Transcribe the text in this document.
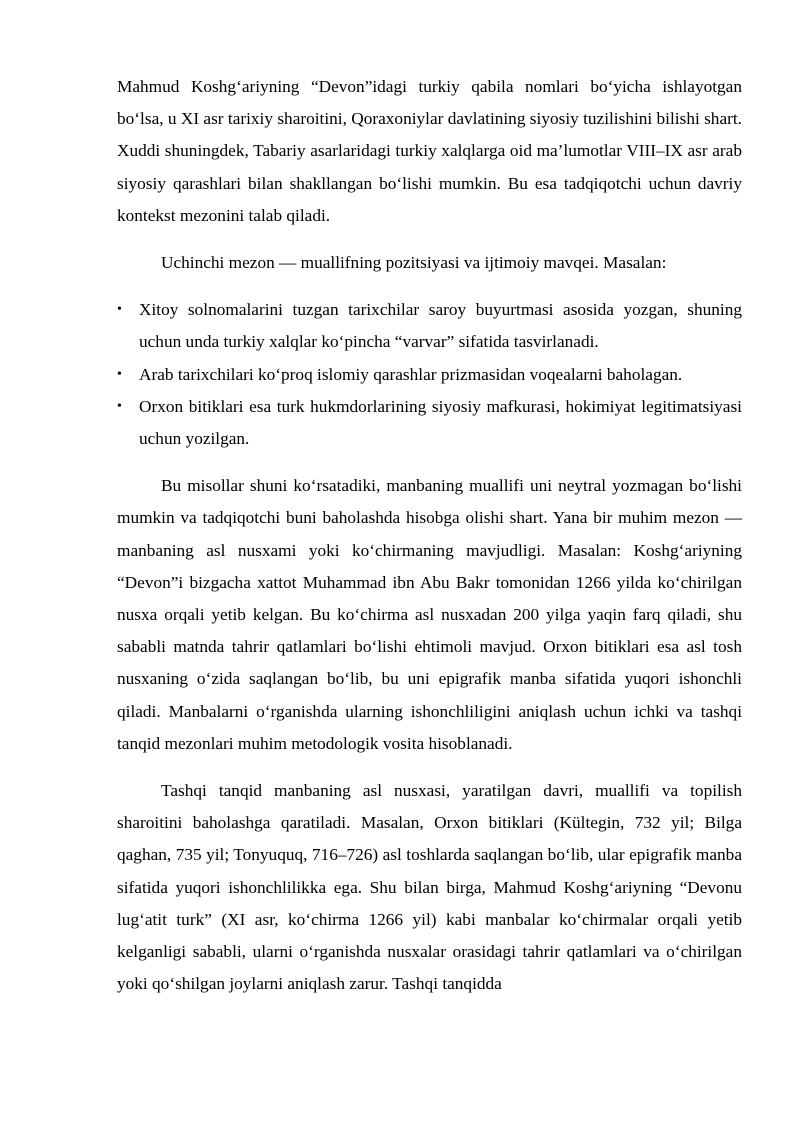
Mahmud Koshg‘ariyning “Devon”idagi turkiy qabila nomlari bo‘yicha ishlayotgan bo‘lsa, u XI asr tarixiy sharoitini, Qoraxoniylar davlatining siyosiy tuzilishini bilishi shart. Xuddi shuningdek, Tabariy asarlaridagi turkiy xalqlarga oid ma’lumotlar VIII–IX asr arab siyosiy qarashlari bilan shakllangan bo‘lishi mumkin. Bu esa tadqiqotchi uchun davriy kontekst mezonini talab qiladi.

Uchinchi mezon — muallifning pozitsiyasi va ijtimoiy mavqei. Masalan:

• Xitoy solnomalarini tuzgan tarixchilar saroy buyurtmasi asosida yozgan, shuning uchun unda turkiy xalqlar ko‘pincha “varvar” sifatida tasvirlanadi.
• Arab tarixchilari ko‘proq islomiy qarashlar prizmasidan voqealarni baholagan.
• Orxon bitiklari esa turk hukmdorlarining siyosiy mafkurasi, hokimiyat legitimatsiyasi uchun yozilgan.

Bu misollar shuni ko‘rsatadiki, manbaning muallifi uni neytral yozmagan bo‘lishi mumkin va tadqiqotchi buni baholashda hisobga olishi shart. Yana bir muhim mezon — manbaning asl nusxami yoki ko‘chirmaning mavjudligi. Masalan: Koshg‘ariyning “Devon”i bizgacha xattot Muhammad ibn Abu Bakr tomonidan 1266 yilda ko‘chirilgan nusxa orqali yetib kelgan. Bu ko‘chirma asl nusxadan 200 yilga yaqin farq qiladi, shu sababli matnda tahrir qatlamlari bo‘lishi ehtimoli mavjud. Orxon bitiklari esa asl tosh nusxaning o‘zida saqlangan bo‘lib, bu uni epigrafik manba sifatida yuqori ishonchli qiladi. Manbalarni o‘rganishda ularning ishonchliligini aniqlash uchun ichki va tashqi tanqid mezonlari muhim metodologik vosita hisoblanadi.

Tashqi tanqid manbaning asl nusxasi, yaratilgan davri, muallifi va topilish sharoitini baholashga qaratiladi. Masalan, Orxon bitiklari (Kültegin, 732 yil; Bilga qaghan, 735 yil; Tonyuquq, 716–726) asl toshlarda saqlangan bo‘lib, ular epigrafik manba sifatida yuqori ishonchlilikka ega. Shu bilan birga, Mahmud Koshg‘ariyning “Devonu lug‘atit turk” (XI asr, ko‘chirma 1266 yil) kabi manbalar ko‘chirmalar orqali yetib kelganligi sababli, ularni o‘rganishda nusxalar orasidagi tahrir qatlamlari va o‘chirilgan yoki qo‘shilgan joylarni aniqlash zarur. Tashqi tanqidda
